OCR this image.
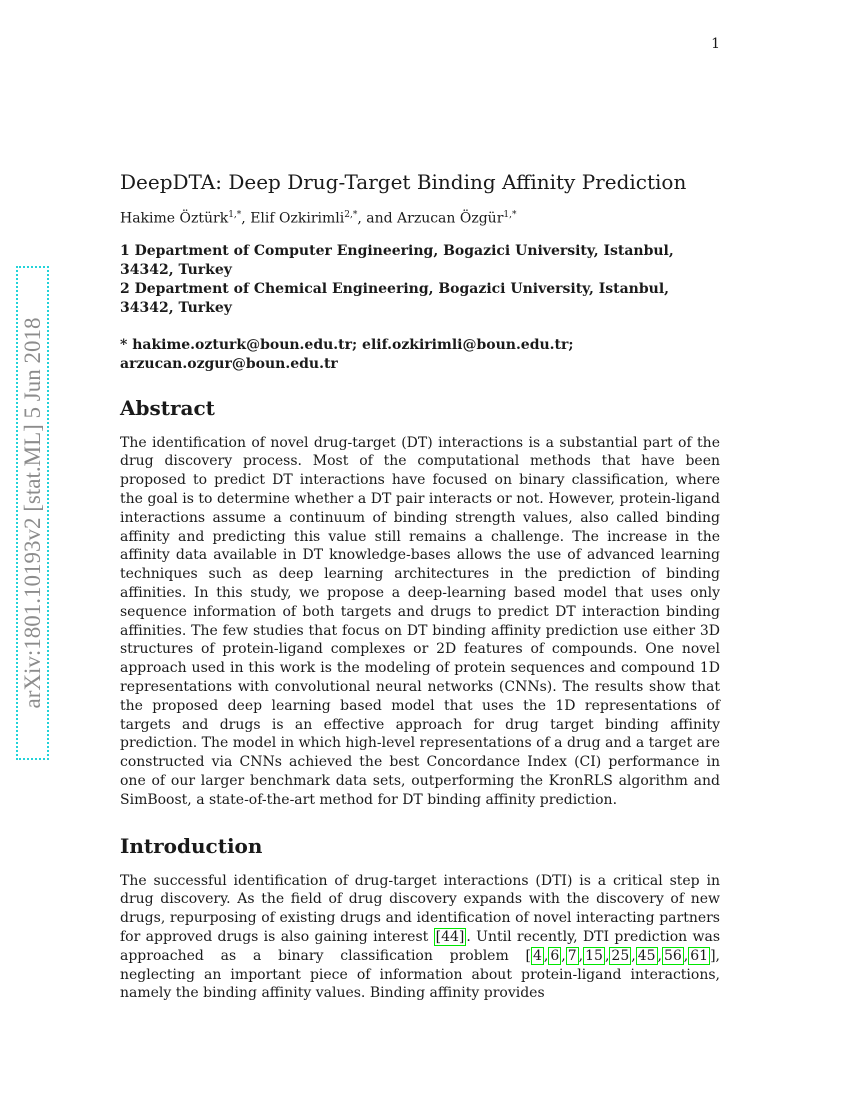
1
arXiv:1801.10193v2 [stat.ML] 5 Jun 2018
DeepDTA: Deep Drug-Target Binding Affinity Prediction

Hakime Öztürk$^{1,*}$, Elif Ozkirimli$^{2,*}$, and Arzucan Özgür$^{1,*}$

1 Department of Computer Engineering, Bogazici University, Istanbul, 34342, Turkey
2 Department of Chemical Engineering, Bogazici University, Istanbul, 34342, Turkey
* hakime.ozturk@boun.edu.tr; elif.ozkirimli@boun.edu.tr; arzucan.ozgur@boun.edu.tr
Abstract

The identification of novel drug-target (DT) interactions is a substantial part of the drug discovery process. Most of the computational methods that have been proposed to predict DT interactions have focused on binary classification, where the goal is to determine whether a DT pair interacts or not. However, protein-ligand interactions assume a continuum of binding strength values, also called binding affinity and predicting this value still remains a challenge. The increase in the affinity data available in DT knowledge-bases allows the use of advanced learning techniques such as deep learning architectures in the prediction of binding affinities. In this study, we propose a deep-learning based model that uses only sequence information of both targets and drugs to predict DT interaction binding affinities. The few studies that focus on DT binding affinity prediction use either 3D structures of protein-ligand complexes or 2D features of compounds. One novel approach used in this work is the modeling of protein sequences and compound 1D representations with convolutional neural networks (CNNs). The results show that the proposed deep learning based model that uses the 1D representations of targets and drugs is an effective approach for drug target binding affinity prediction. The model in which high-level representations of a drug and a target are constructed via CNNs achieved the best Concordance Index (CI) performance in one of our larger benchmark data sets, outperforming the KronRLS algorithm and SimBoost, a state-of-the-art method for DT binding affinity prediction.

Introduction

The successful identification of drug-target interactions (DTI) is a critical step in drug discovery. As the field of drug discovery expands with the discovery of new drugs, repurposing of existing drugs and identification of novel interacting partners for approved drugs is also gaining interest [44] . Until recently, DTI prediction was approached as a binary classification problem [ 4 , 6 , 7 , 15 , 25 , 45 , 56 , 61 ], neglecting an important piece of information about protein-ligand interactions, namely the binding affinity values. Binding affinity provides
